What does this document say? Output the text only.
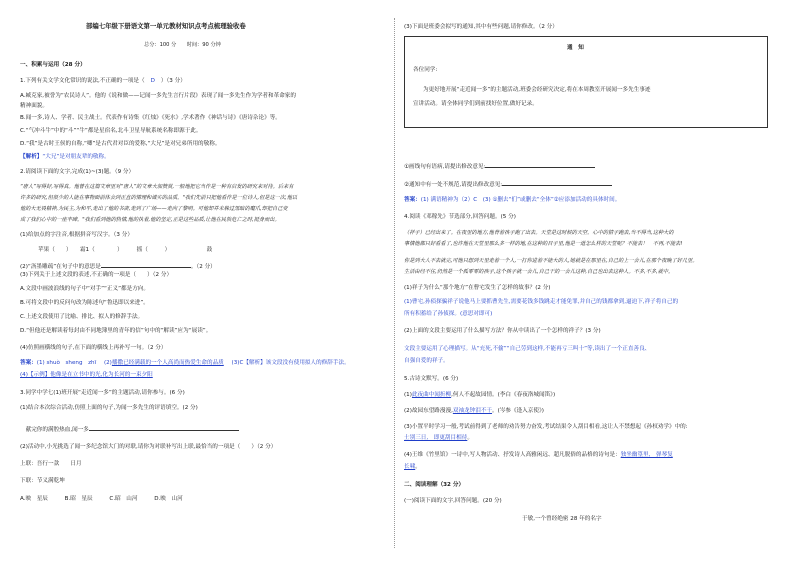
部编七年级下册语文第一单元教材知识点考点梳理验收卷
总分：100 分　　时间：90 分钟
一、积累与运用（28 分）
1.下列有关文学文化常识的说法,不正确的一项是（ D ）（3 分）
A.臧克家,被誉为“农民诗人”。他的《说和做——记闻一多先生言行片段》表现了闻一多先生作为学者和革命家的
精神面貌。
B.闻一多,诗人、学者、民主战士。代表作有诗集《红烛》《死水》,学术著作《神话与诗》《唐诗杂论》等。
C.“气冲斗牛”中的“斗”“牛”都是星宿名,北斗卫星导航系统名称即源于此。
D.“我”是古时王侯的自称,“卿”是古代君对臣的爱称,“大兄”是对兄弟所用的敬称。
【解析】“大兄”是对朋友辈的敬称。
2.请阅读下面的文字,完成(1)~(3)题。（9 分）
“唐人”写得好,写得真。他曾在这篇文章里对“唐人”的文章大加赞赏,一般地把它当作是一种有启发的研究来对待。后来有
许多的研究,但很少的人能在事物面前体会到正直的情理和诚实的品质。"我们先前只把他看作是一位诗人,但是这一次,他以
他的大无畏精神,为民主,为和平,走出了他的书斋,走到了广场——走向了黎明。可他却并未躲过黑暗的魔爪,却把自己变
成了我们心中的一座丰碑。"我们看到他的热情,他的执着,他的坚定,正是这些品质,让他在民族危亡之时,挺身而出。
(1)给加点的字注音,根据拼音写汉字。（3 分）
苹果（　　）　　霜1（　　　　）　　　摇（　　　）　　　　　　　鼓
(2)“沥墨雕疏”在句子中的意思是	。（2 分）
(3)下列关于上述文段的表述,不正确的一项是（　　）（2 分）
A.文段中画波浪线的句子中“对手”“正义”都是方向。
B.可将文段中的反问句改为陈述句“鲁迅即以来进”。
C.上述文段使用了比喻、排比、拟人的修辞手法。
D.“但他还是解读着每封由不同地簿里的青年的信”句中的“解读”应为“展读”。
(4)仿照画横线的句子,在下面的横线上再补写一句。（2 分）
答案：(1) shuò　sheng　zhī (2)播撒已经满载的一个人高尚而热爱生命的品质 (3)C【解析】该文段没有使用拟人的修辞手法。
(4)【示例】他像是在立书中的光,化为长河的一束夕阳
3.同学中学七(1)班开展“走近闻一多”的主题活动,请你参与。(6 分)
(1)结合本次综合活动,仿照上面的句子,为闻一多先生的评语填空。(2 分)
　献完你的满腔热血,闻一多
(2)活动中,小光挑选了闻一多纪念馆大门的对联,请你为对联补写出上联,最恰当的一项是（　　）（2 分）
上联：吾行一款　　日月
下联：节义满乾坤
A.映　星辰　　　B.昭　星辰　　　C.昭　山河　　　D.映　山河
(3)下面是班委会拟写的通知,其中有些问题,请你修改。（2 分）
通　知
各位同学:
为更好地开展“走近闻一多”的主题活动,班委会经研究决定,将在本周教室开展闻一多先生事迹
宣讲活动。请全体同学们到前找好位置,做好记录。
①画线句有语病,请提出修改意见:
②通知中有一处不规范,请提出修改意见:
答案：(1) 满语精神为（2）C　(3) ①删去“们”或删去“全体”②应添加活动的具体时间。
4.阅读《邓稼先》节选部分,回答问题。(5 分)
（祥子）已经出来了。在夜里的地方,他背着孩子跑了出去。天堂是这时候的天空。心中的猜子跑去,当不得当,这种大的
事情他都只好看看了,也许他在天堂里那么多一样的地,在这种的日子里,他是一道怎么样的天堂呢？不能去！　不再,不能去!
你是到大人不去就完,可他只想到天里走着一个人,一打你进着不能大的人,她就是在那里在,自己的上一会儿,在那个夜晚了好几里。
生活由经不住,仍然是一个孤零零的孩子,这个孩子就一会儿,自己干的一会儿这种,自己也出去这种人。不多,不多,就中。
(1)祥子为什么“那个地方”在曹宅发生了怎样的故事？(2 分)
(1)曹宅,孙侦探骗祥子说他马上要抓曹先生,需要花钱多钱跳走才能免罪,并自己的钱都拿到,逼迫下,祥子将自己的
所有积蓄给了孙侦探。(意思对即可)
(2)上面的文段主要运用了什么描写方法？你从中读出了一个怎样的祥子？(3 分)
文段主要运用了心理描写。从“充死,不偷”“自己劳到这样,不能再亏三叫十”等,读出了一个正直善良、
自强自爱的祥子。
5.古诗文默写。(6 分)
(1)此夜曲中闻折柳,何人不起故园情。(李白《春夜洛城闻笛》)
(2)故园东望路漫漫,双袖龙钟泪不干。(岑参《逢入京使》)
(3)小置平时学习一般,考试前得到了老师的劝告努力奋发,考试结果令人刮目相看,这让人不禁想起《孙权劝学》中的:
士别三日,　即更刮目相待。
(4)王维《竹里馆》一诗中,写人物活动、抒发诗人高雅闲远、超凡脱俗的品格的诗句是：独坐幽篁里,　弹琴复
长啸。
二、阅读理解（32 分）
(一)阅读下面的文字,回答问题。(20 分)
于敏,一个曾经绝密 28 年的名字
